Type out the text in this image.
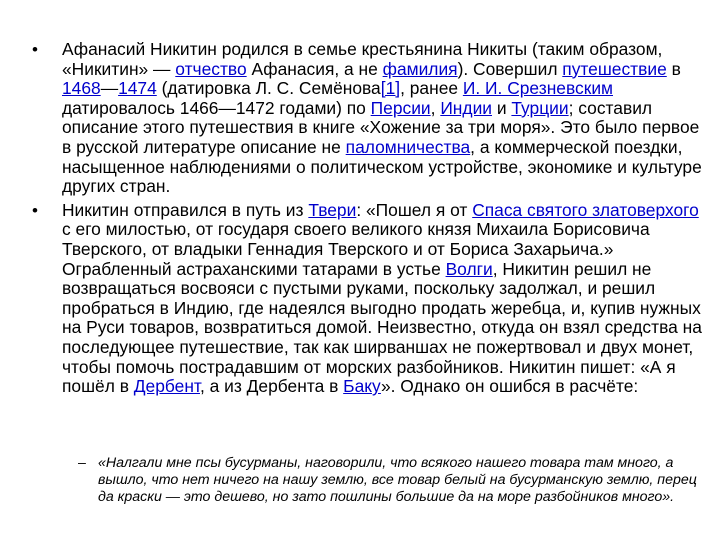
• Афанасий Никитин родился в семье крестьянина Никиты (таким образом, «Никитин» — отчество Афанасия, а не фамилия). Совершил путешествие в 1468—1474 (датировка Л. С. Семёнова[1], ранее И. И. Срезневским датировалось 1466—1472 годами) по Персии, Индии и Турции; составил описание этого путешествия в книге «Хожение за три моря». Это было первое в русской литературе описание не паломничества, а коммерческой поездки, насыщенное наблюдениями о политическом устройстве, экономике и культуре других стран.
• Никитин отправился в путь из Твери: «Пошел я от Спаса святого златоверхого с его милостью, от государя своего великого князя Михаила Борисовича Тверского, от владыки Геннадия Тверского и от Бориса Захарьича.» Ограбленный астраханскими татарами в устье Волги, Никитин решил не возвращаться восвояси с пустыми руками, поскольку задолжал, и решил пробраться в Индию, где надеялся выгодно продать жеребца, и, купив нужных на Руси товаров, возвратиться домой. Неизвестно, откуда он взял средства на последующее путешествие, так как ширваншах не пожертвовал и двух монет, чтобы помочь пострадавшим от морских разбойников. Никитин пишет: «А я пошёл в Дербент, а из Дербента в Баку». Однако он ошибся в расчёте:
– «Налгали мне псы бусурманы, наговорили, что всякого нашего товара там много, а вышло, что нет ничего на нашу землю, все товар белый на бусурманскую землю, перец да краски — это дешево, но зато пошлины большие да на море разбойников много».
